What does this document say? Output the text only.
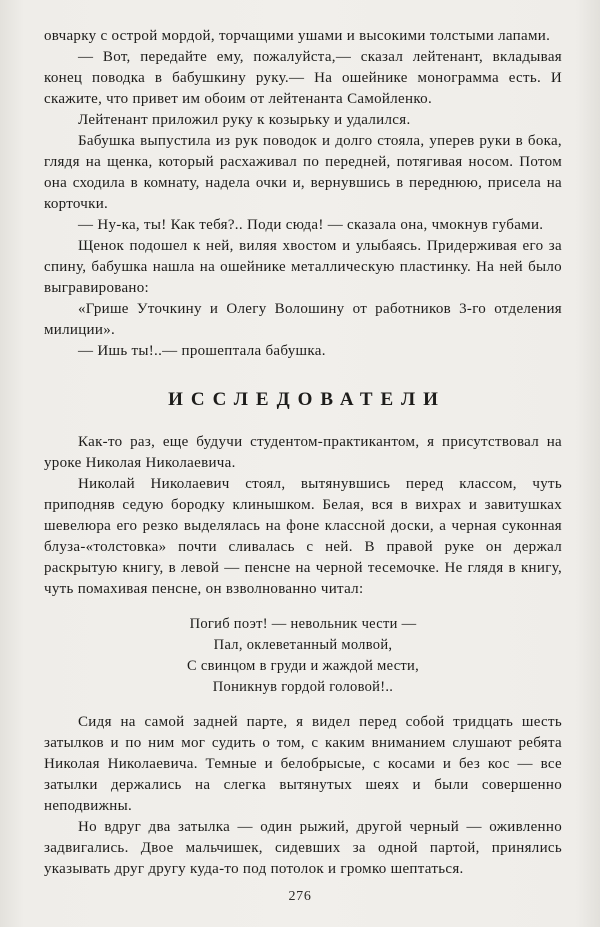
овчарку с острой мордой, торчащими ушами и высокими толстыми лапами.

— Вот, передайте ему, пожалуйста,— сказал лейтенант, вкладывая конец поводка в бабушкину руку.— На ошейнике монограмма есть. И скажите, что привет им обоим от лейтенанта Самойленко.

Лейтенант приложил руку к козырьку и удалился.

Бабушка выпустила из рук поводок и долго стояла, уперев руки в бока, глядя на щенка, который расхаживал по передней, потягивая носом. Потом она сходила в комнату, надела очки и, вернувшись в переднюю, присела на корточки.

— Ну-ка, ты! Как тебя?.. Поди сюда! — сказала она, чмокнув губами.

Щенок подошел к ней, виляя хвостом и улыбаясь. Придерживая его за спину, бабушка нашла на ошейнике металлическую пластинку. На ней было выгравировано:

«Грише Уточкину и Олегу Волошину от работников 3-го отделения милиции».

— Ишь ты!..— прошептала бабушка.

ИССЛЕДОВАТЕЛИ

Как-то раз, еще будучи студентом-практикантом, я присутствовал на уроке Николая Николаевича.

Николай Николаевич стоял, вытянувшись перед классом, чуть приподняв седую бородку клинышком. Белая, вся в вихрах и завитушках шевелюра его резко выделялась на фоне классной доски, а черная суконная блуза-«толстовка» почти сливалась с ней. В правой руке он держал раскрытую книгу, в левой — пенсне на черной тесемочке. Не глядя в книгу, чуть помахивая пенсне, он взволнованно читал:

Погиб поэт! — невольник чести —
Пал, оклеветанный молвой,
С свинцом в груди и жаждой мести,
Поникнув гордой головой!..

Сидя на самой задней парте, я видел перед собой тридцать шесть затылков и по ним мог судить о том, с каким вниманием слушают ребята Николая Николаевича. Темные и белобрысые, с косами и без кос — все затылки держались на слегка вытянутых шеях и были совершенно неподвижны.

Но вдруг два затылка — один рыжий, другой черный — оживленно задвигались. Двое мальчишек, сидевших за одной партой, принялись указывать друг другу куда-то под потолок и громко шептаться.

276
